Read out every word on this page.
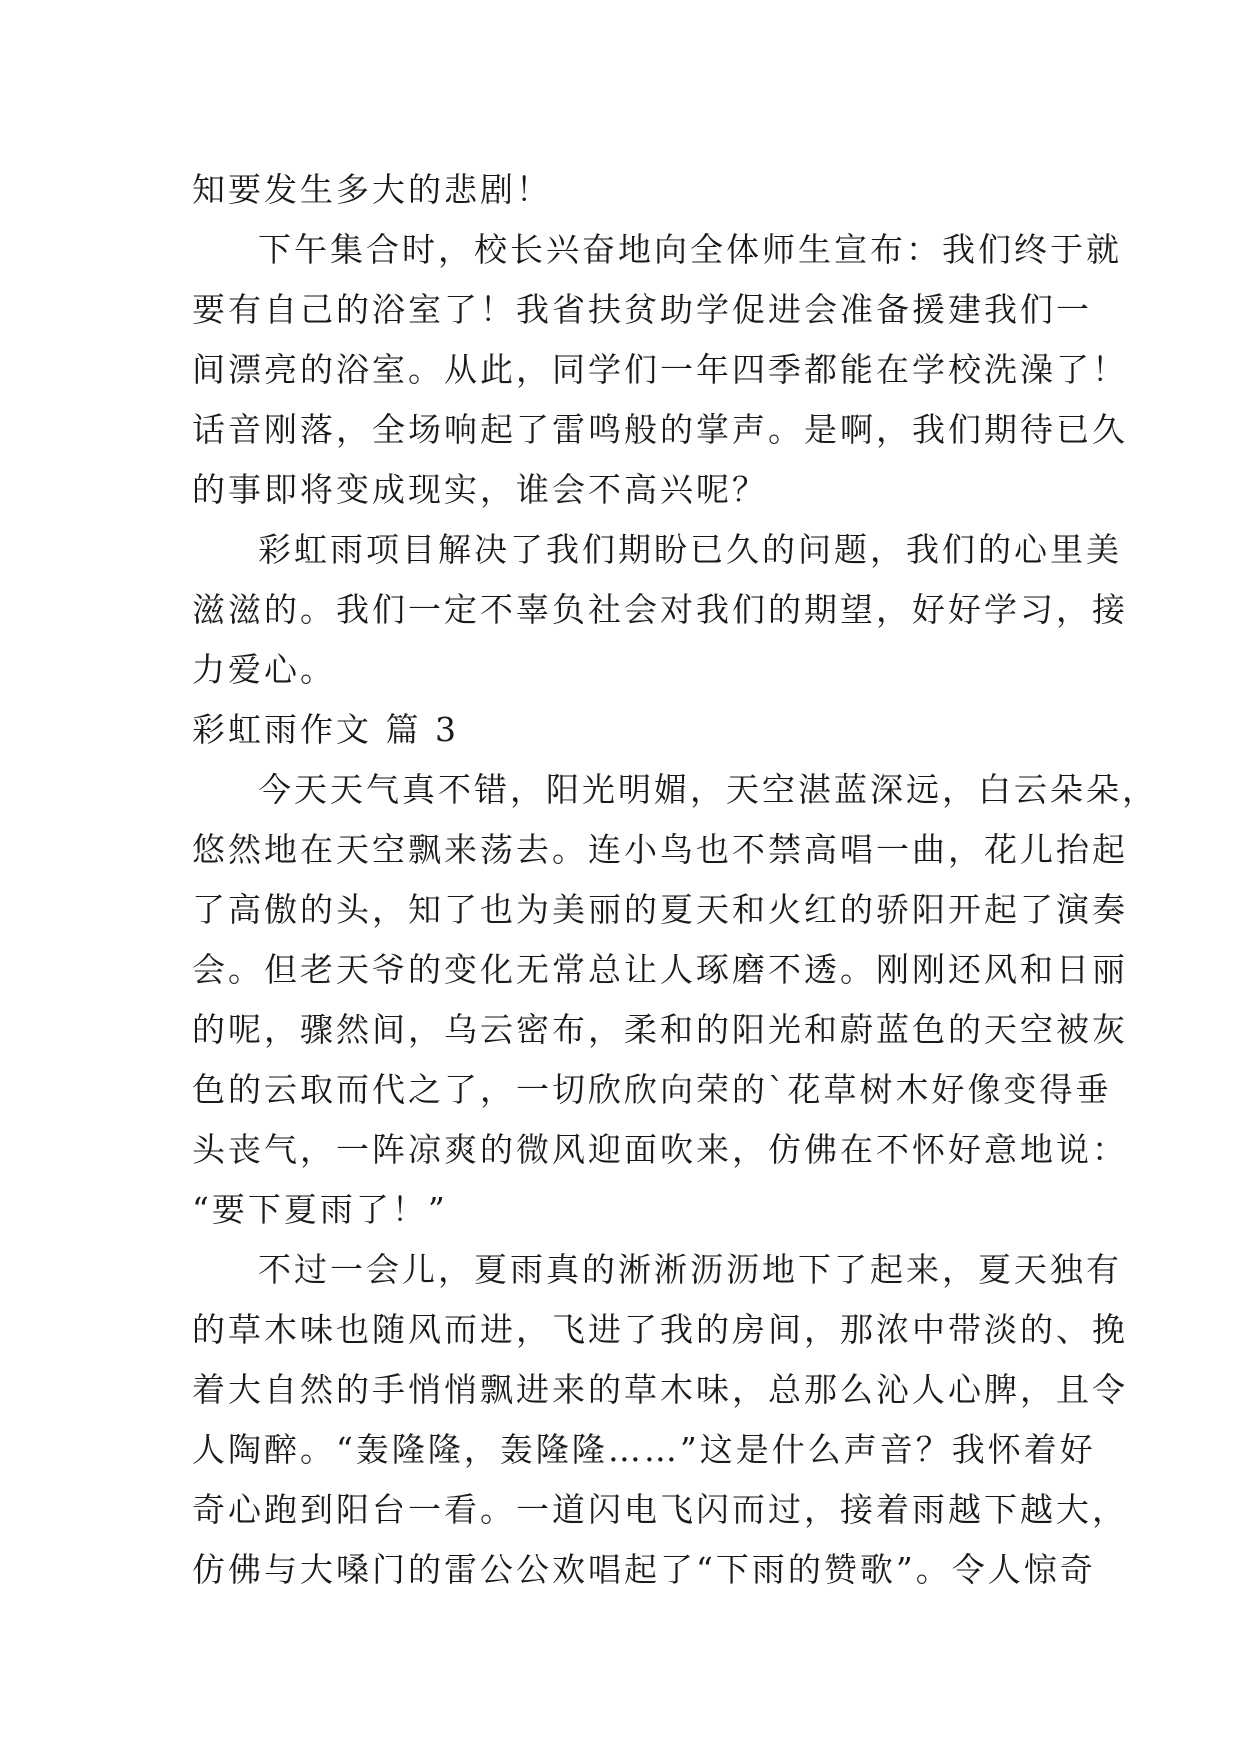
知要发生多大的悲剧！
下午集合时，校长兴奋地向全体师生宣布：我们终于就
要有自己的浴室了！我省扶贫助学促进会准备援建我们一
间漂亮的浴室。从此，同学们一年四季都能在学校洗澡了！
话音刚落，全场响起了雷鸣般的掌声。是啊，我们期待已久
的事即将变成现实，谁会不高兴呢？
彩虹雨项目解决了我们期盼已久的问题，我们的心里美
滋滋的。我们一定不辜负社会对我们的期望，好好学习，接
力爱心。
彩虹雨作文 篇 3
今天天气真不错，阳光明媚，天空湛蓝深远，白云朵朵，
悠然地在天空飘来荡去。连小鸟也不禁高唱一曲，花儿抬起
了高傲的头，知了也为美丽的夏天和火红的骄阳开起了演奏
会。但老天爷的变化无常总让人琢磨不透。刚刚还风和日丽
的呢，骤然间，乌云密布，柔和的阳光和蔚蓝色的天空被灰
色的云取而代之了，一切欣欣向荣的`花草树木好像变得垂
头丧气，一阵凉爽的微风迎面吹来，仿佛在不怀好意地说：
“要下夏雨了！”
不过一会儿，夏雨真的淅淅沥沥地下了起来，夏天独有
的草木味也随风而进，飞进了我的房间，那浓中带淡的、挽
着大自然的手悄悄飘进来的草木味，总那么沁人心脾，且令
人陶醉。“轰隆隆，轰隆隆……”这是什么声音？我怀着好
奇心跑到阳台一看。一道闪电飞闪而过，接着雨越下越大，
仿佛与大嗓门的雷公公欢唱起了“下雨的赞歌”。令人惊奇
